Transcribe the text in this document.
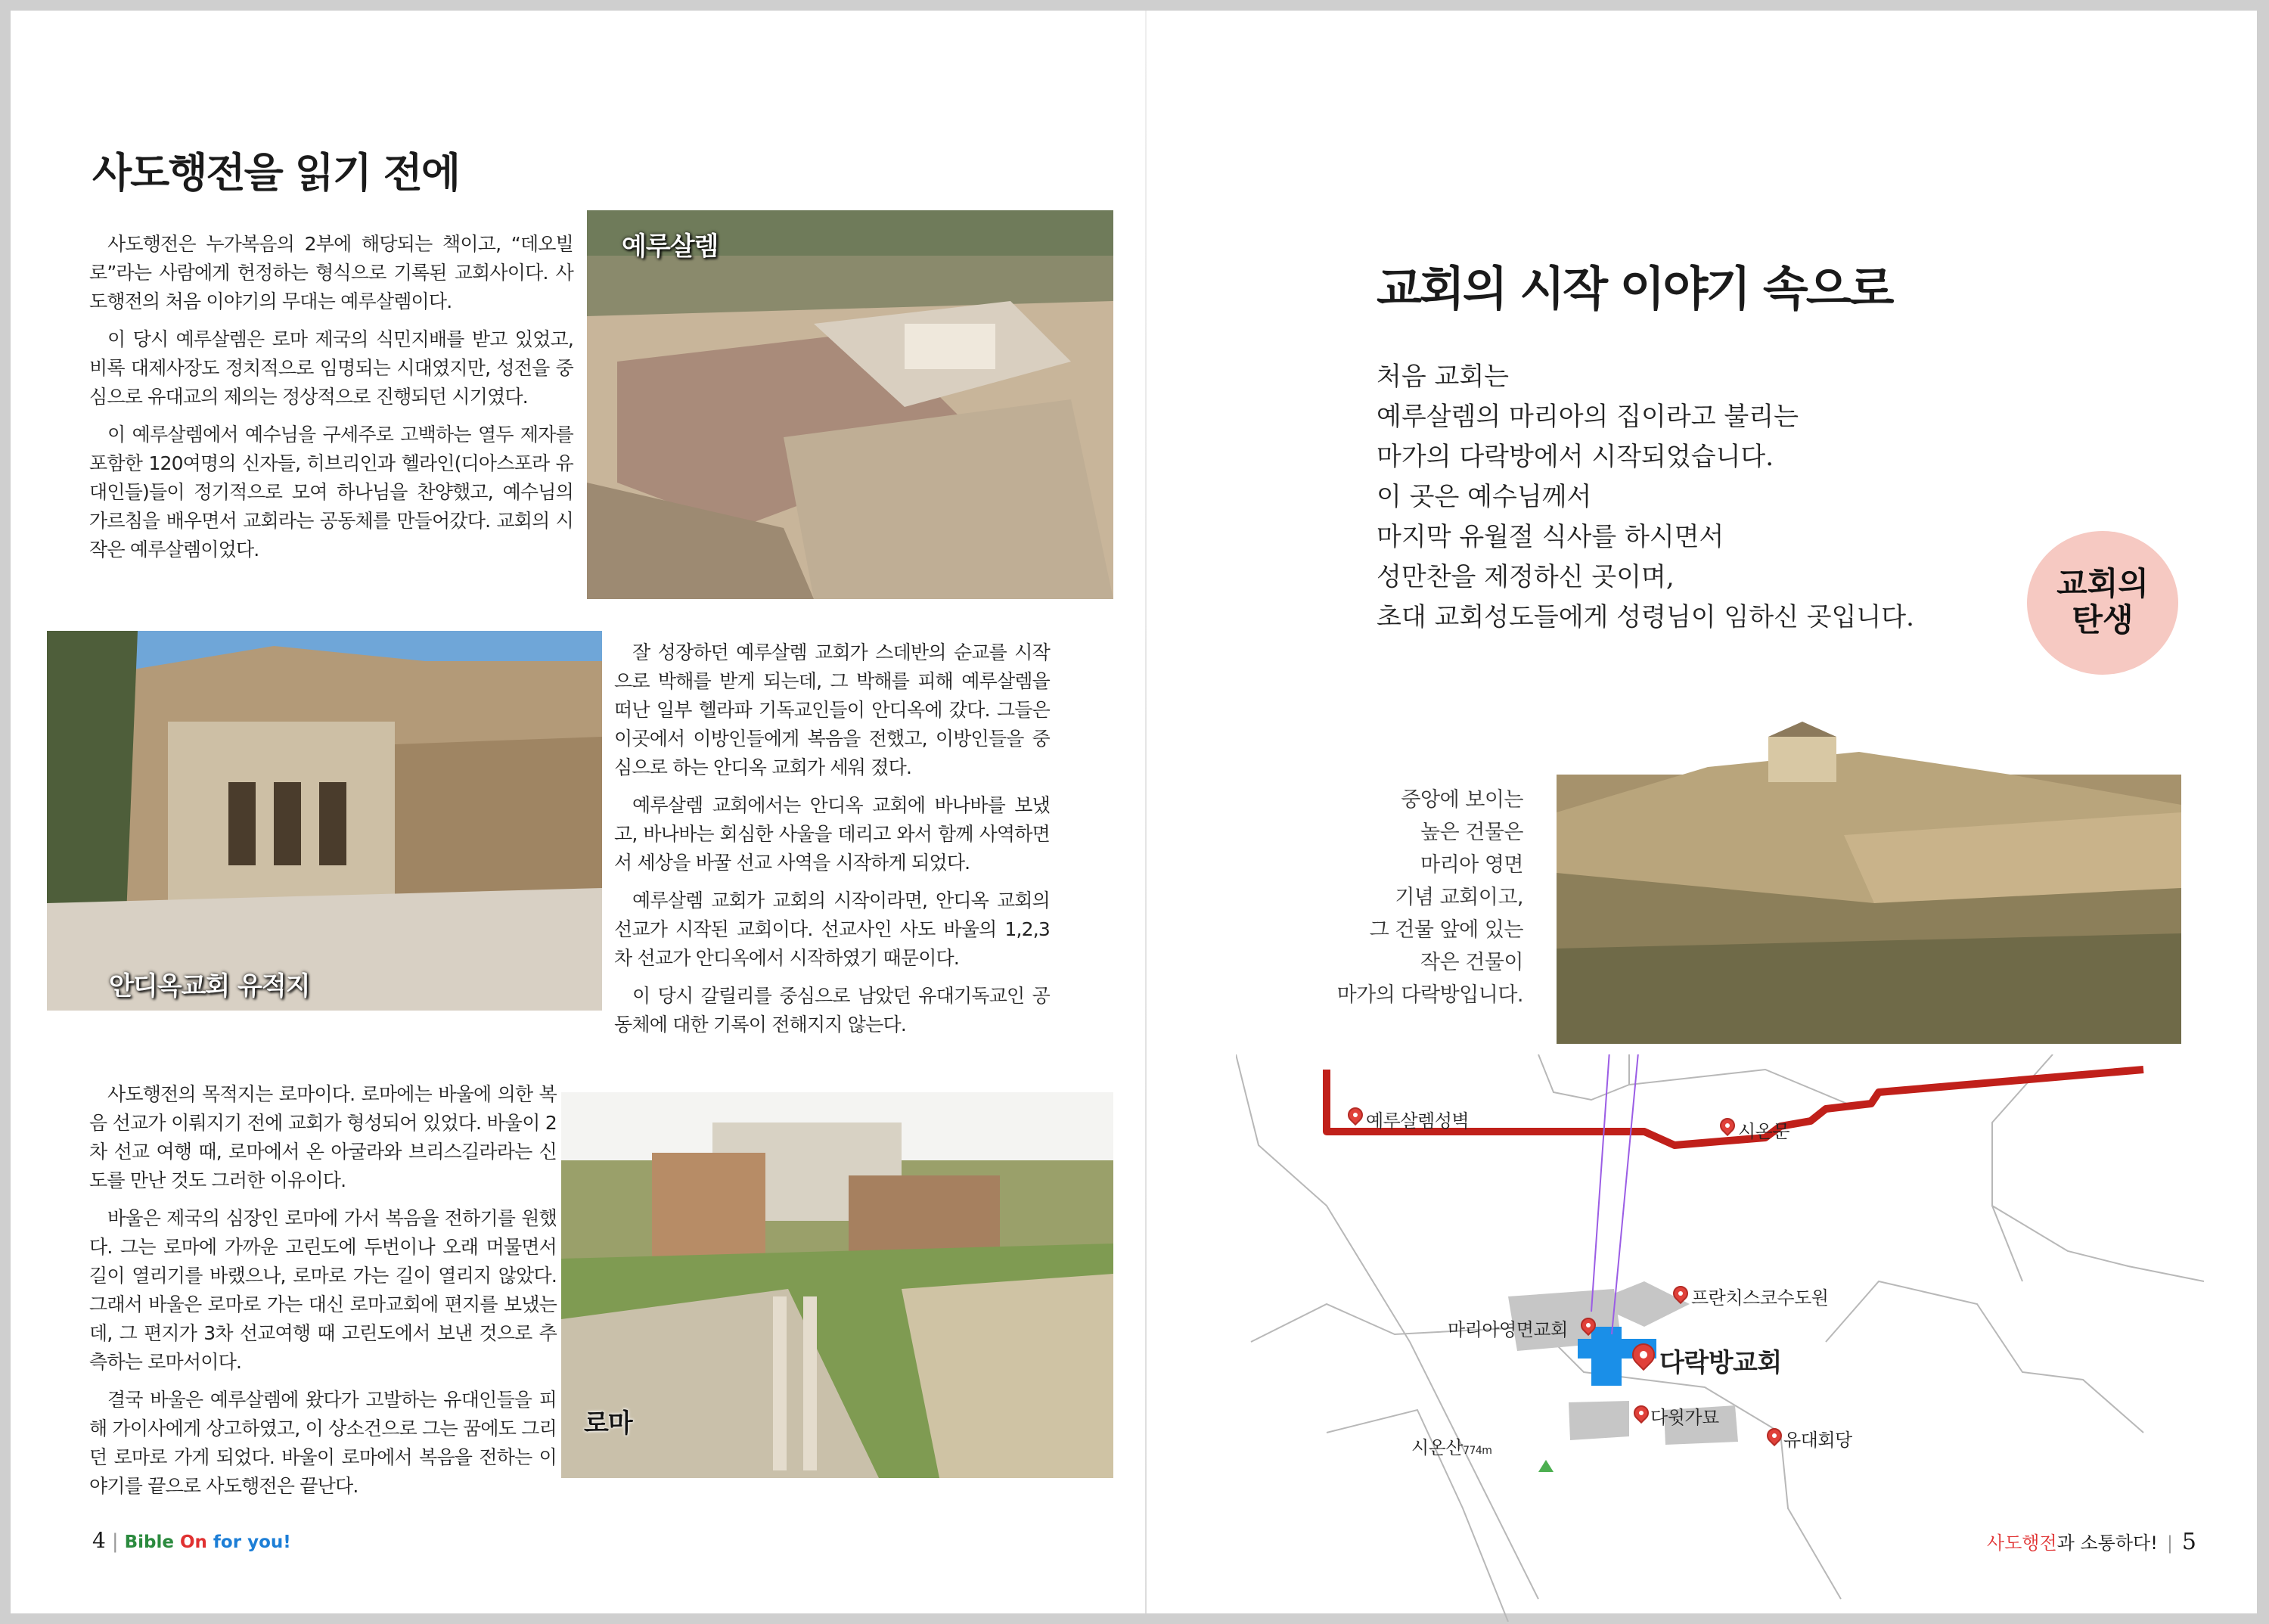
사도행전을 읽기 전에

사도행전은 누가복음의 2부에 해당되는 책이고, “데오빌로”라는 사람에게 헌정하는 형식으로 기록된 교회사이다. 사도행전의 처음 이야기의 무대는 예루살렘이다.

이 당시 예루살렘은 로마 제국의 식민지배를 받고 있었고, 비록 대제사장도 정치적으로 임명되는 시대였지만, 성전을 중심으로 유대교의 제의는 정상적으로 진행되던 시기였다.

이 예루살렘에서 예수님을 구세주로 고백하는 열두 제자를 포함한 120여명의 신자들, 히브리인과 헬라인(디아스포라 유대인들)들이 정기적으로 모여 하나님을 찬양했고, 예수님의 가르침을 배우면서 교회라는 공동체를 만들어갔다. 교회의 시작은 예루살렘이었다.

예루살렘
안디옥교회 유적지

잘 성장하던 예루살렘 교회가 스데반의 순교를 시작으로 박해를 받게 되는데, 그 박해를 피해 예루살렘을 떠난 일부 헬라파 기독교인들이 안디옥에 갔다. 그들은 이곳에서 이방인들에게 복음을 전했고, 이방인들을 중심으로 하는 안디옥 교회가 세워 졌다.

예루살렘 교회에서는 안디옥 교회에 바나바를 보냈고, 바나바는 회심한 사울을 데리고 와서 함께 사역하면서 세상을 바꿀 선교 사역을 시작하게 되었다.

예루살렘 교회가 교회의 시작이라면, 안디옥 교회의 선교가 시작된 교회이다. 선교사인 사도 바울의 1,2,3차 선교가 안디옥에서 시작하였기 때문이다.

이 당시 갈릴리를 중심으로 남았던 유대기독교인 공동체에 대한 기록이 전해지지 않는다.

사도행전의 목적지는 로마이다. 로마에는 바울에 의한 복음 선교가 이뤄지기 전에 교회가 형성되어 있었다. 바울이 2차 선교 여행 때, 로마에서 온 아굴라와 브리스길라라는 신도를 만난 것도 그러한 이유이다.

바울은 제국의 심장인 로마에 가서 복음을 전하기를 원했다. 그는 로마에 가까운 고린도에 두번이나 오래 머물면서 길이 열리기를 바랬으나, 로마로 가는 길이 열리지 않았다. 그래서 바울은 로마로 가는 대신 로마교회에 편지를 보냈는데, 그 편지가 3차 선교여행 때 고린도에서 보낸 것으로 추측하는 로마서이다.

결국 바울은 예루살렘에 왔다가 고발하는 유대인들을 피해 가이사에게 상고하였고, 이 상소건으로 그는 꿈에도 그리던 로마로 가게 되었다. 바울이 로마에서 복음을 전하는 이야기를 끝으로 사도행전은 끝난다.

로마
4 | Bible On for you!
교회의 시작 이야기 속으로
처음 교회는
예루살렘의 마리아의 집이라고 불리는
마가의 다락방에서 시작되었습니다.
이 곳은 예수님께서
마지막 유월절 식사를 하시면서
성만찬을 제정하신 곳이며,
초대 교회성도들에게 성령님이 임하신 곳입니다.
교회의
탄생
중앙에 보이는
높은 건물은
마리아 영면
기념 교회이고,
그 건물 앞에 있는
작은 건물이
마가의 다락방입니다.
예루살렘성벽	시온문
프란치스코수도원
마리아영면교회
다락방교회
다윗가묘
유대회당
시온산774m
사도행전과 소통하다! | 5
